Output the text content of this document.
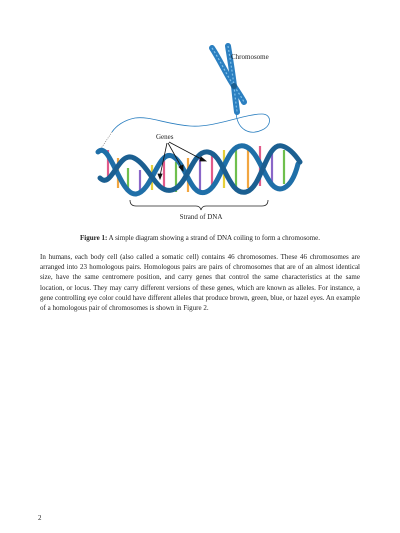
Chromosome
Genes
Strand of DNA
Figure 1: A simple diagram showing a strand of DNA coiling to form a chromosome.
In humans, each body cell (also called a somatic cell) contains 46 chromosomes. These 46 chromosomes are arranged into 23 homologous pairs. Homologous pairs are pairs of chromosomes that are of an almost identical size, have the same centromere position, and carry genes that control the same characteristics at the same location, or locus. They may carry different versions of these genes, which are known as alleles. For instance, a gene controlling eye color could have different alleles that produce brown, green, blue, or hazel eyes. An example of a homologous pair of chromosomes is shown in Figure 2.
2
